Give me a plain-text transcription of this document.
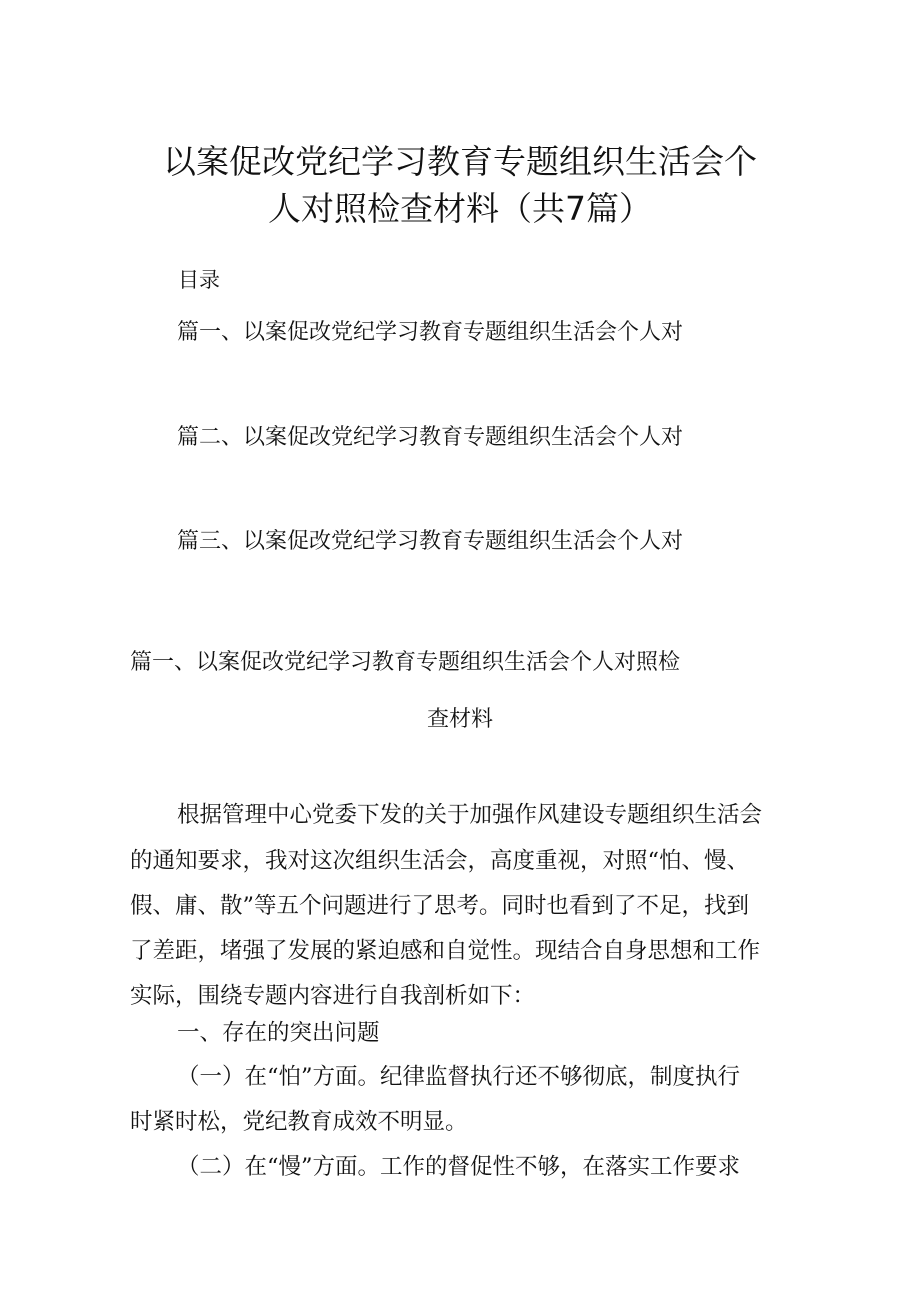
以案促改党纪学习教育专题组织生活会个
人对照检查材料（共7篇）
目录
篇一、以案促改党纪学习教育专题组织生活会个人对
篇二、以案促改党纪学习教育专题组织生活会个人对
篇三、以案促改党纪学习教育专题组织生活会个人对
篇一、以案促改党纪学习教育专题组织生活会个人对照检
查材料
根据管理中心党委下发的关于加强作风建设专题组织生活会
的通知要求，我对这次组织生活会，高度重视，对照“怕、慢、
假、庸、散”等五个问题进行了思考。同时也看到了不足，找到
了差距，堵强了发展的紧迫感和自觉性。现结合自身思想和工作
实际，围绕专题内容进行自我剖析如下：
一、存在的突出问题
（一）在“怕”方面。纪律监督执行还不够彻底，制度执行
时紧时松，党纪教育成效不明显。
（二）在“慢”方面。工作的督促性不够，在落实工作要求
